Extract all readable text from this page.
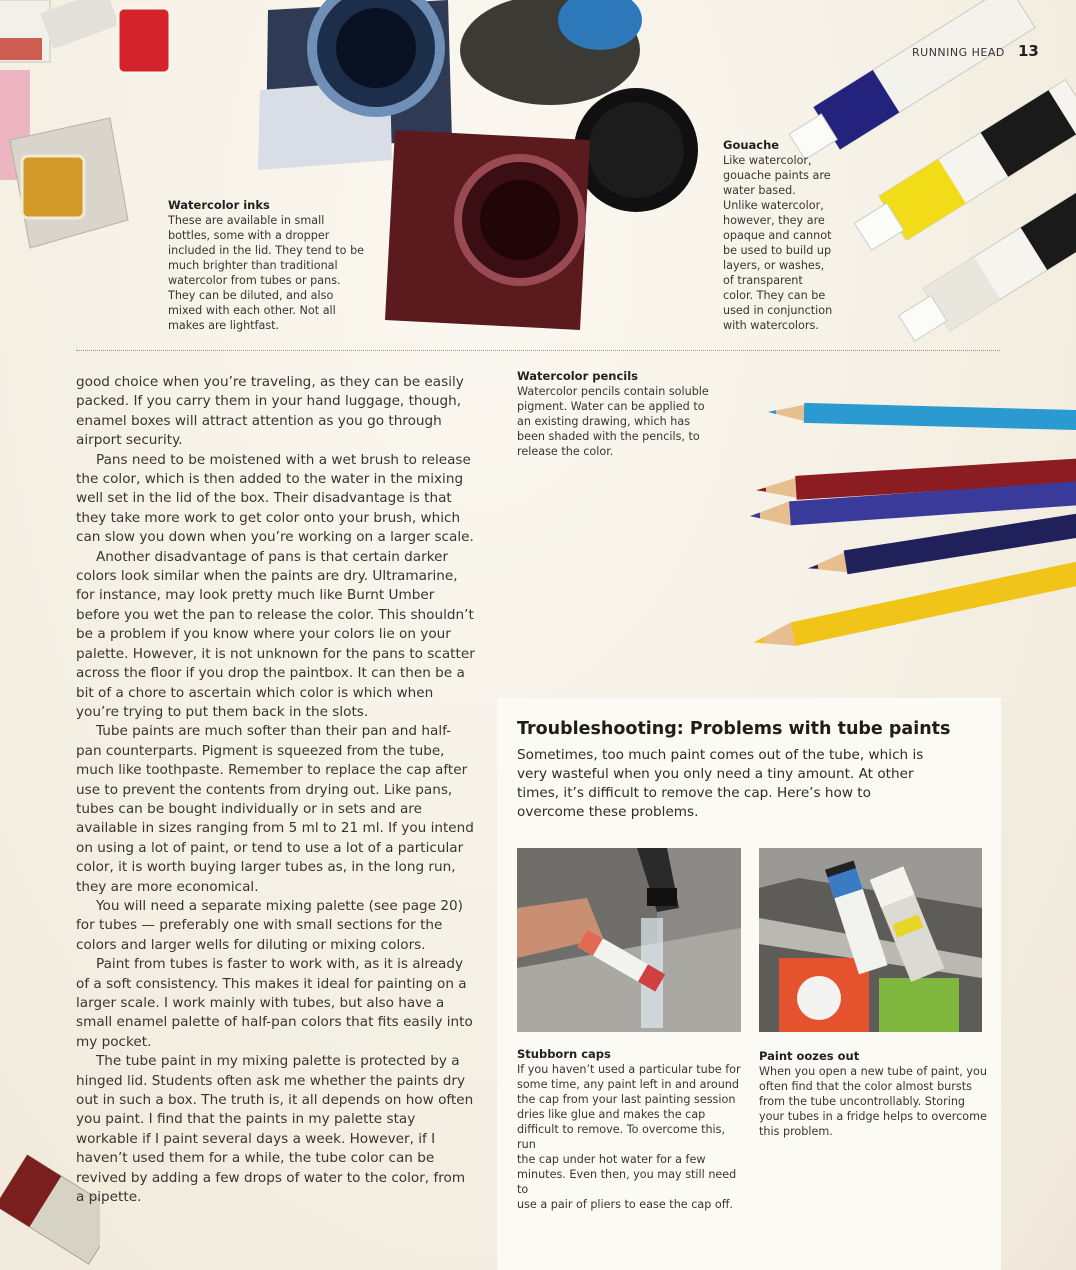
RUNNING HEAD 13
Watercolor inks
These are available in small
bottles, some with a dropper
included in the lid. They tend to be
much brighter than traditional
watercolor from tubes or pans.
They can be diluted, and also
mixed with each other. Not all
makes are lightfast.
Gouache
Like watercolor,
gouache paints are
water based.
Unlike watercolor,
however, they are
opaque and cannot
be used to build up
layers, or washes,
of transparent
color. They can be
used in conjunction
with watercolors.
Watercolor pencils
Watercolor pencils contain soluble
pigment. Water can be applied to
an existing drawing, which has
been shaded with the pencils, to
release the color.

good choice when you’re traveling, as they can be easily packed. If you carry them in your hand luggage, though, enamel boxes will attract attention as you go through airport security.

Pans need to be moistened with a wet brush to release the color, which is then added to the water in the mixing well set in the lid of the box. Their disadvantage is that they take more work to get color onto your brush, which can slow you down when you’re working on a larger scale.

Another disadvantage of pans is that certain darker colors look similar when the paints are dry. Ultramarine, for instance, may look pretty much like Burnt Umber before you wet the pan to release the color. This shouldn’t be a problem if you know where your colors lie on your palette. However, it is not unknown for the pans to scatter across the floor if you drop the paintbox. It can then be a bit of a chore to ascertain which color is which when you’re trying to put them back in the slots.

Tube paints are much softer than their pan and half-pan counterparts. Pigment is squeezed from the tube, much like toothpaste. Remember to replace the cap after use to prevent the contents from drying out. Like pans, tubes can be bought individually or in sets and are available in sizes ranging from 5 ml to 21 ml. If you intend on using a lot of paint, or tend to use a lot of a particular color, it is worth buying larger tubes as, in the long run, they are more economical.

You will need a separate mixing palette (see page 20) for tubes — preferably one with small sections for the colors and larger wells for diluting or mixing colors.

Paint from tubes is faster to work with, as it is already of a soft consistency. This makes it ideal for painting on a larger scale. I work mainly with tubes, but also have a small enamel palette of half-pan colors that fits easily into my pocket.

The tube paint in my mixing palette is protected by a hinged lid. Students often ask me whether the paints dry out in such a box. The truth is, it all depends on how often you paint. I find that the paints in my palette stay workable if I paint several days a week. However, if I haven’t used them for a while, the tube color can be revived by adding a few drops of water to the color, from a pipette.

Troubleshooting: Problems with tube paints
Sometimes, too much paint comes out of the tube, which is very wasteful when you only need a tiny amount. At other times, it’s difficult to remove the cap. Here’s how to overcome these problems.
Stubborn caps
If you haven’t used a particular tube for
some time, any paint left in and around
the cap from your last painting session
dries like glue and makes the cap
difficult to remove. To overcome this, run
the cap under hot water for a few
minutes. Even then, you may still need to
use a pair of pliers to ease the cap off.
Paint oozes out
When you open a new tube of paint, you
often find that the color almost bursts
from the tube uncontrollably. Storing
your tubes in a fridge helps to overcome
this problem.
